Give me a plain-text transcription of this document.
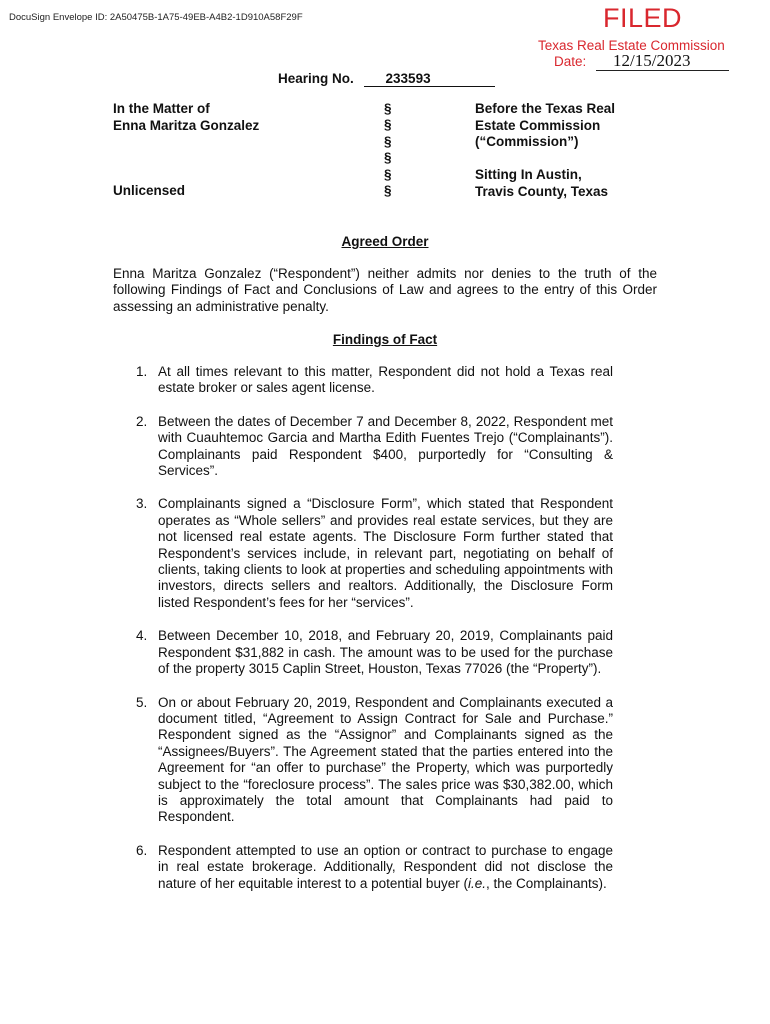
DocuSign Envelope ID: 2A50475B-1A75-49EB-A4B2-1D910A58F29F	FILED
Texas Real Estate Commission
Date: 12/15/2023
Hearing No. 233593
In the Matter of
Enna Maritza Gonzalez
Unlicensed
§
§
§
§
§
§
Before the Texas Real
Estate Commission
(“Commission”)
Sitting In Austin,
Travis County, Texas
Agreed Order
Enna Maritza Gonzalez (“Respondent”) neither admits nor denies to the truth of the following Findings of Fact and Conclusions of Law and agrees to the entry of this Order assessing an administrative penalty.
Findings of Fact
1. At all times relevant to this matter, Respondent did not hold a Texas real estate broker or sales agent license.
2. Between the dates of December 7 and December 8, 2022, Respondent met with Cuauhtemoc Garcia and Martha Edith Fuentes Trejo (“Complainants”). Complainants paid Respondent $400, purportedly for “Consulting & Services”.
3. Complainants signed a “Disclosure Form”, which stated that Respondent operates as “Whole sellers” and provides real estate services, but they are not licensed real estate agents. The Disclosure Form further stated that Respondent’s services include, in relevant part, negotiating on behalf of clients, taking clients to look at properties and scheduling appointments with investors, directs sellers and realtors. Additionally, the Disclosure Form listed Respondent’s fees for her “services”.
4. Between December 10, 2018, and February 20, 2019, Complainants paid Respondent $31,882 in cash. The amount was to be used for the purchase of the property 3015 Caplin Street, Houston, Texas 77026 (the “Property”).
5. On or about February 20, 2019, Respondent and Complainants executed a document titled, “Agreement to Assign Contract for Sale and Purchase.” Respondent signed as the “Assignor” and Complainants signed as the “Assignees/Buyers”. The Agreement stated that the parties entered into the Agreement for “an offer to purchase” the Property, which was purportedly subject to the “foreclosure process”. The sales price was $30,382.00, which is approximately the total amount that Complainants had paid to Respondent.
6. Respondent attempted to use an option or contract to purchase to engage in real estate brokerage. Additionally, Respondent did not disclose the nature of her equitable interest to a potential buyer (i.e., the Complainants).
